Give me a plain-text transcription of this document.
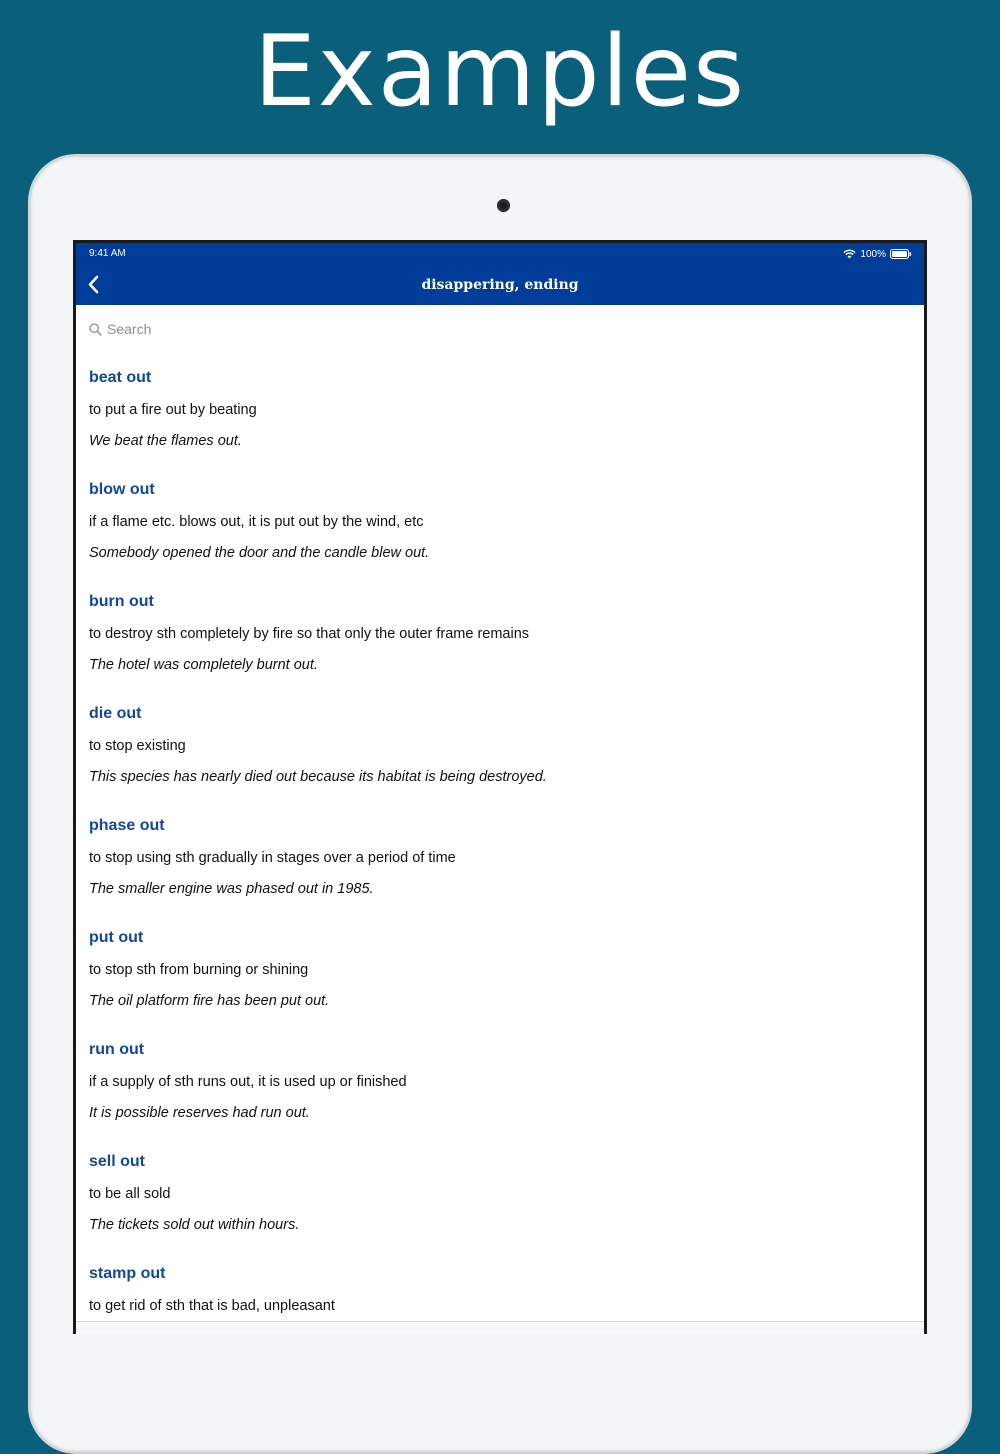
Examples
9:41 AM	100%
disappering, ending
Search
beat out
to put a fire out by beating
We beat the flames out.
blow out
if a flame etc. blows out, it is put out by the wind, etc
Somebody opened the door and the candle blew out.
burn out
to destroy sth completely by fire so that only the outer frame remains
The hotel was completely burnt out.
die out
to stop existing
This species has nearly died out because its habitat is being destroyed.
phase out
to stop using sth gradually in stages over a period of time
The smaller engine was phased out in 1985.
put out
to stop sth from burning or shining
The oil platform fire has been put out.
run out
if a supply of sth runs out, it is used up or finished
It is possible reserves had run out.
sell out
to be all sold
The tickets sold out within hours.
stamp out
to get rid of sth that is bad, unpleasant
